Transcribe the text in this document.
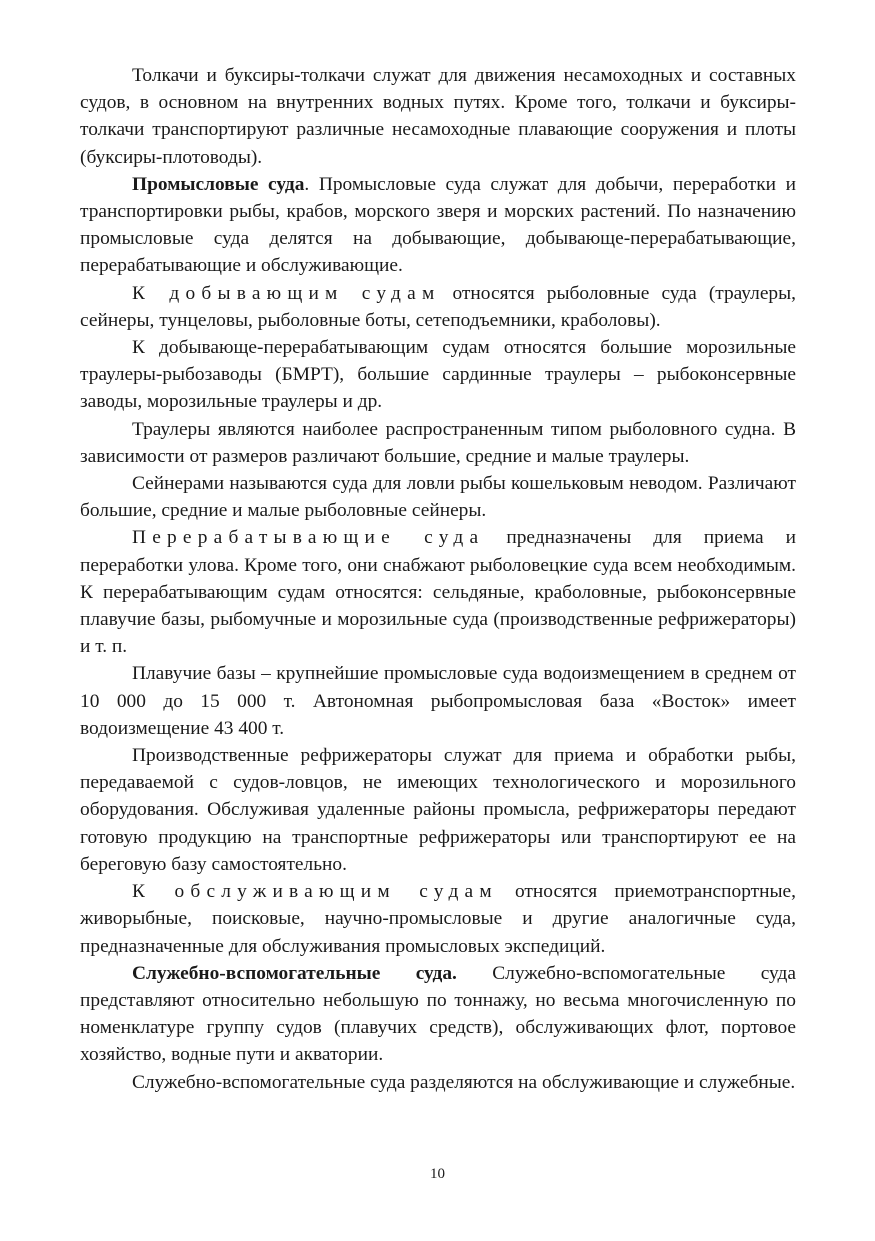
Толкачи и буксиры-толкачи служат для движения несамоходных и составных судов, в основном на внутренних водных путях. Кроме того, толкачи и буксиры-толкачи транспортируют различные несамоходные плавающие сооружения и плоты (буксиры-плотоводы).

Промысловые суда. Промысловые суда служат для добычи, переработки и транспортировки рыбы, крабов, морского зверя и морских растений. По назначению промысловые суда делятся на добывающие, добывающе-перерабатывающие, перерабатывающие и обслуживающие.

К добывающим судам относятся рыболовные суда (траулеры, сейнеры, тунцеловы, рыболовные боты, сетеподъемники, краболовы).

К добывающе-перерабатывающим судам относятся большие морозильные траулеры-рыбозаводы (БМРТ), большие сардинные траулеры – рыбоконсервные заводы, морозильные траулеры и др.

Траулеры являются наиболее распространенным типом рыболовного судна. В зависимости от размеров различают большие, средние и малые траулеры.

Сейнерами называются суда для ловли рыбы кошельковым неводом. Различают большие, средние и малые рыболовные сейнеры.

Перерабатывающие суда предназначены для приема и переработки улова. Кроме того, они снабжают рыболовецкие суда всем необходимым. К перерабатывающим судам относятся: сельдяные, краболовные, рыбоконсервные плавучие базы, рыбомучные и морозильные суда (производственные рефрижераторы) и т. п.

Плавучие базы – крупнейшие промысловые суда водоизмещением в среднем от 10 000 до 15 000 т. Автономная рыбопромысловая база «Восток» имеет водоизмещение 43 400 т.

Производственные рефрижераторы служат для приема и обработки рыбы, передаваемой с судов-ловцов, не имеющих технологического и морозильного оборудования. Обслуживая удаленные районы промысла, рефрижераторы передают готовую продукцию на транспортные рефрижераторы или транспортируют ее на береговую базу самостоятельно.

К обслуживающим судам относятся приемотранспортные, живорыбные, поисковые, научно-промысловые и другие аналогичные суда, предназначенные для обслуживания промысловых экспедиций.

Служебно-вспомогательные суда. Служебно-вспомогательные суда представляют относительно небольшую по тоннажу, но весьма многочисленную по номенклатуре группу судов (плавучих средств), обслуживающих флот, портовое хозяйство, водные пути и акватории.

Служебно-вспомогательные суда разделяются на обслуживающие и служебные.

10
